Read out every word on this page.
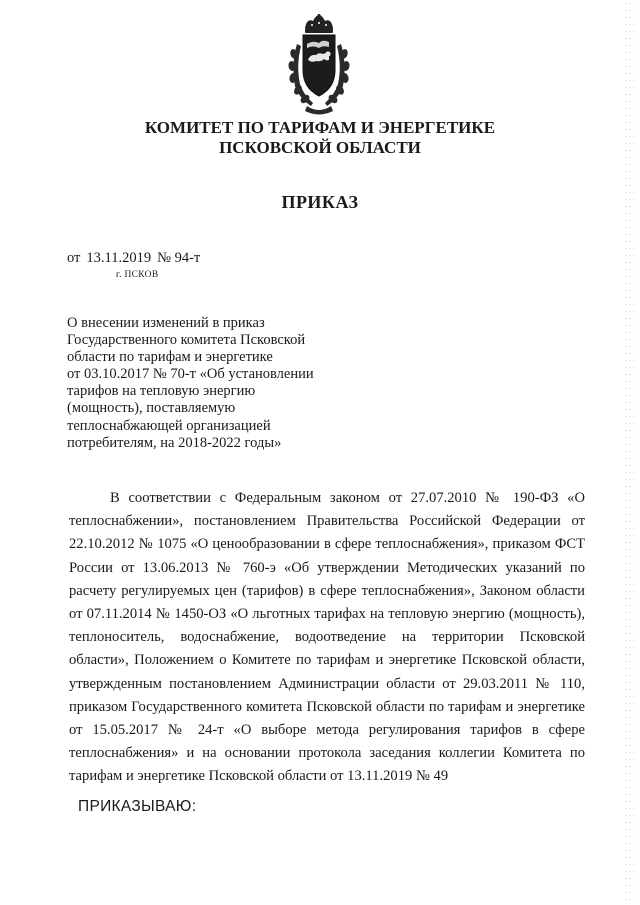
КОМИТЕТ ПО ТАРИФАМ И ЭНЕРГЕТИКЕ
ПСКОВСКОЙ ОБЛАСТИ
ПРИКАЗ
от 13.11.2019 № 94-т
г. ПСКОВ
О внесении изменений в приказ
Государственного комитета Псковской
области по тарифам и энергетике
от 03.10.2017 № 70-т «Об установлении
тарифов на тепловую энергию
(мощность), поставляемую
теплоснабжающей организацией
потребителям, на 2018-2022 годы»

В соответствии с Федеральным законом от 27.07.2010 № 190-ФЗ «О теплоснабжении», постановлением Правительства Российской Федерации от 22.10.2012 № 1075 «О ценообразовании в сфере теплоснабжения», приказом ФСТ России от 13.06.2013 № 760-э «Об утверждении Методических указаний по расчету регулируемых цен (тарифов) в сфере теплоснабжения», Законом области от 07.11.2014 № 1450-ОЗ «О льготных тарифах на тепловую энергию (мощность), теплоноситель, водоснабжение, водоотведение на территории Псковской области», Положением о Комитете по тарифам и энергетике Псковской области, утвержденным постановлением Администрации области от 29.03.2011 № 110, приказом Государственного комитета Псковской области по тарифам и энергетике от 15.05.2017 № 24-т «О выборе метода регулирования тарифов в сфере теплоснабжения» и на основании протокола заседания коллегии Комитета по тарифам и энергетике Псковской области от 13.11.2019 № 49

ПРИКАЗЫВАЮ:
